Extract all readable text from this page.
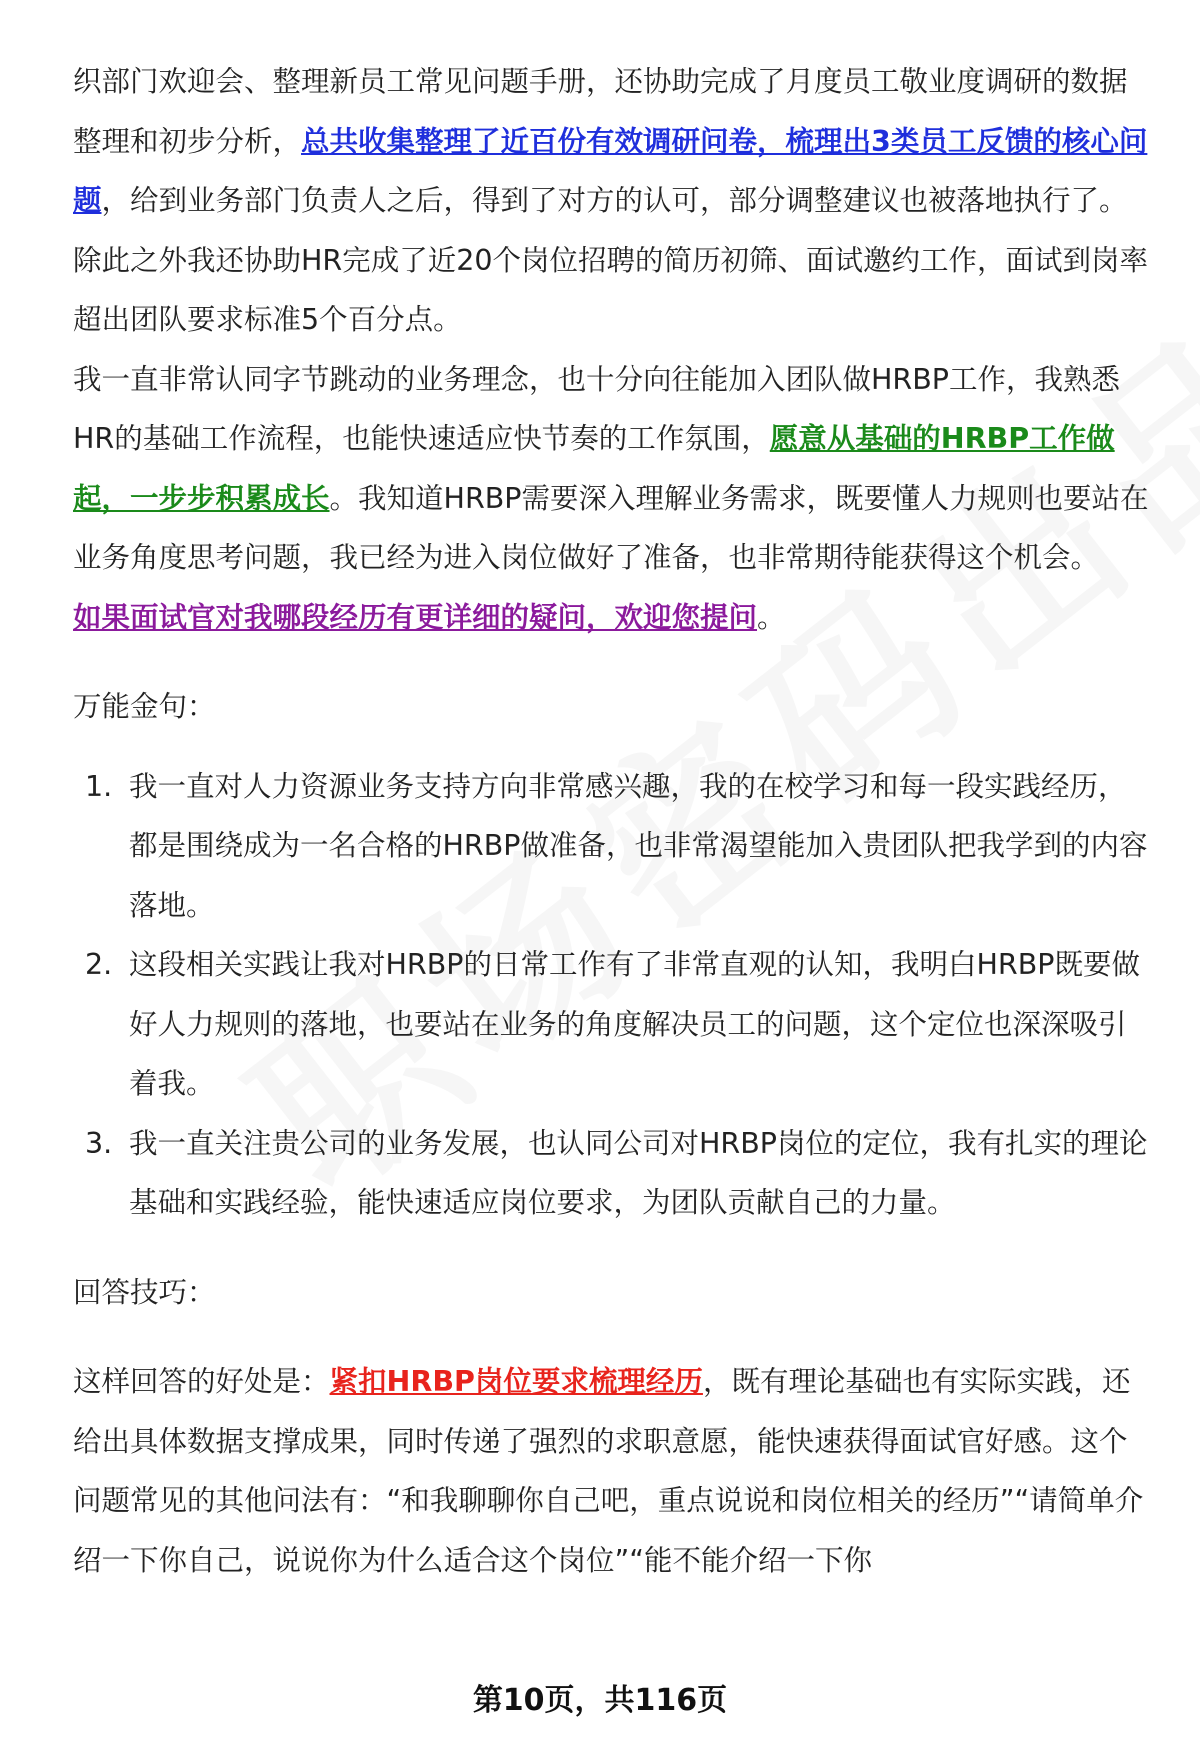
织部门欢迎会、整理新员工常见问题手册，还协助完成了月度员工敬业度调研的数据整理和初步分析，总共收集整理了近百份有效调研问卷，梳理出3类员工反馈的核心问题，给到业务部门负责人之后，得到了对方的认可，部分调整建议也被落地执行了。除此之外我还协助HR完成了近20个岗位招聘的简历初筛、面试邀约工作，面试到岗率超出团队要求标准5个百分点。

我一直非常认同字节跳动的业务理念，也十分向往能加入团队做HRBP工作，我熟悉HR的基础工作流程，也能快速适应快节奏的工作氛围，愿意从基础的HRBP工作做起，一步步积累成长。我知道HRBP需要深入理解业务需求，既要懂人力规则也要站在业务角度思考问题，我已经为进入岗位做好了准备，也非常期待能获得这个机会。

如果面试官对我哪段经历有更详细的疑问，欢迎您提问。

万能金句：

1. 我一直对人力资源业务支持方向非常感兴趣，我的在校学习和每一段实践经历，都是围绕成为一名合格的HRBP做准备，也非常渴望能加入贵团队把我学到的内容落地。
2. 这段相关实践让我对HRBP的日常工作有了非常直观的认知，我明白HRBP既要做好人力规则的落地，也要站在业务的角度解决员工的问题，这个定位也深深吸引着我。
3. 我一直关注贵公司的业务发展，也认同公司对HRBP岗位的定位，我有扎实的理论基础和实践经验，能快速适应岗位要求，为团队贡献自己的力量。

回答技巧：

这样回答的好处是：紧扣HRBP岗位要求梳理经历，既有理论基础也有实际实践，还给出具体数据支撑成果，同时传递了强烈的求职意愿，能快速获得面试官好感。这个问题常见的其他问法有：“和我聊聊你自己吧，重点说说和岗位相关的经历”“请简单介绍一下你自己，说说你为什么适合这个岗位”“能不能介绍一下你

第10页，共116页
